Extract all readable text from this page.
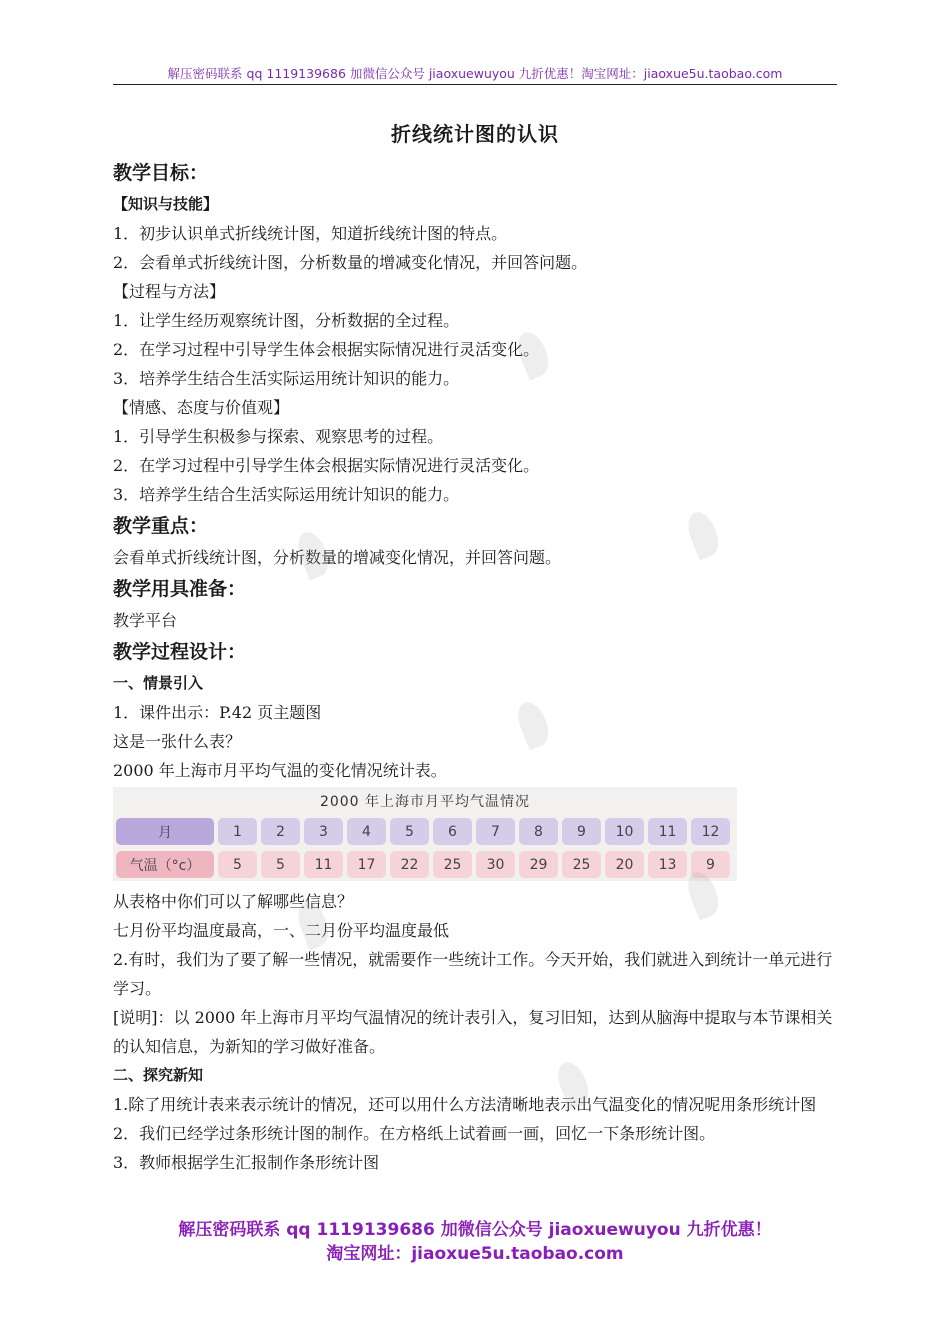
解压密码联系 qq 1119139686 加微信公众号 jiaoxuewuyou 九折优惠！淘宝网址：jiaoxue5u.taobao.com
折线统计图的认识
教学目标：
【知识与技能】
1．初步认识单式折线统计图，知道折线统计图的特点。
2．会看单式折线统计图，分析数量的增减变化情况，并回答问题。
【过程与方法】
1．让学生经历观察统计图，分析数据的全过程。
2．在学习过程中引导学生体会根据实际情况进行灵活变化。
3．培养学生结合生活实际运用统计知识的能力。
【情感、态度与价值观】
1．引导学生积极参与探索、观察思考的过程。
2．在学习过程中引导学生体会根据实际情况进行灵活变化。
3．培养学生结合生活实际运用统计知识的能力。
教学重点：
会看单式折线统计图，分析数量的增减变化情况，并回答问题。
教学用具准备：
教学平台
教学过程设计：
一、情景引入
1．课件出示：P.42 页主题图
这是一张什么表？
2000 年上海市月平均气温的变化情况统计表。
2000 年上海市月平均气温情况
月	1	2	3	4	5	6	7	8	9	10	11	12
气温（°c）	5	5	11	17	22	25	30	29	25	20	13	9
从表格中你们可以了解哪些信息？
七月份平均温度最高，一、二月份平均温度最低
2.有时，我们为了要了解一些情况，就需要作一些统计工作。今天开始，我们就进入到统计一单元进行学习。
[说明]：以 2000 年上海市月平均气温情况的统计表引入，复习旧知，达到从脑海中提取与本节课相关的认知信息，为新知的学习做好准备。
二、探究新知
1.除了用统计表来表示统计的情况，还可以用什么方法清晰地表示出气温变化的情况呢用条形统计图
2．我们已经学过条形统计图的制作。在方格纸上试着画一画，回忆一下条形统计图。
3．教师根据学生汇报制作条形统计图
解压密码联系 qq 1119139686 加微信公众号 jiaoxuewuyou 九折优惠！
淘宝网址：jiaoxue5u.taobao.com
